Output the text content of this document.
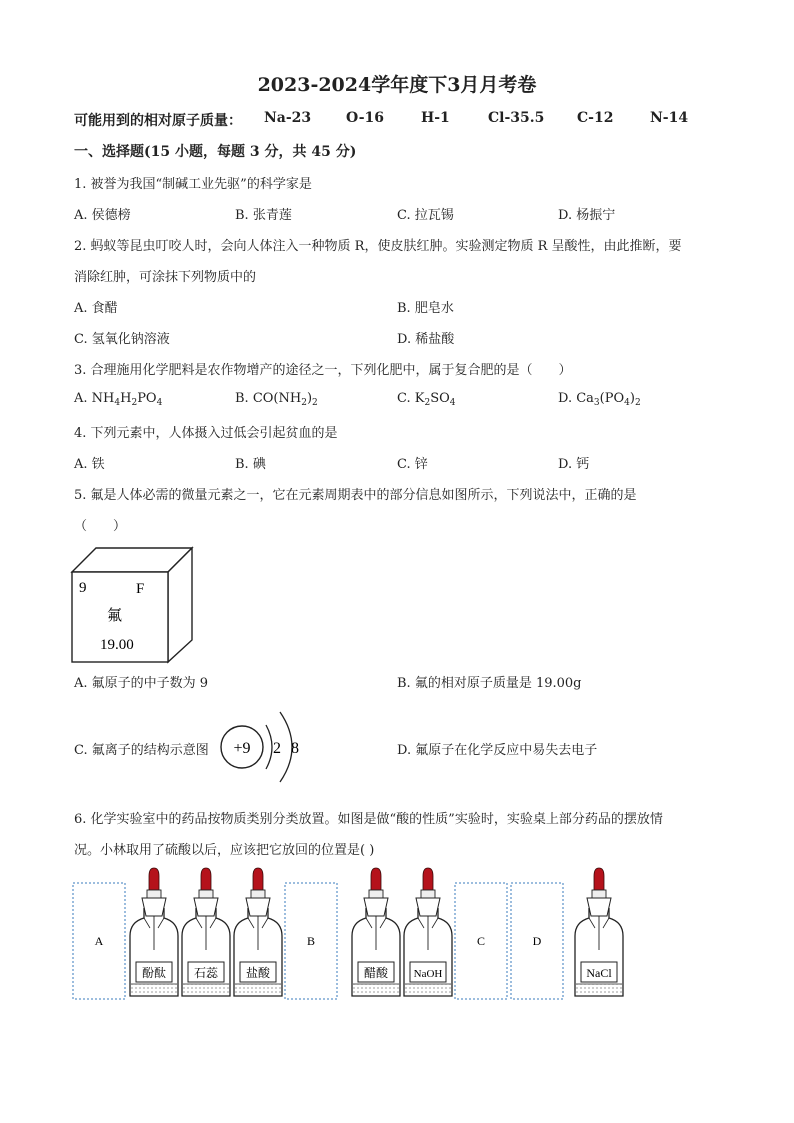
2023-2024学年度下3月月考卷
可能用到的相对原子质量： Na-23 O-16	H-1	Cl-35.5 C-12	N-14
一、选择题(15 小题，每题 3 分，共 45 分)
1. 被誉为我国“制碱工业先驱”的科学家是
A. 侯德榜	B. 张青莲	C. 拉瓦锡	D. 杨振宁
2. 蚂蚁等昆虫叮咬人时，会向人体注入一种物质 R，使皮肤红肿。实验测定物质 R 呈酸性，由此推断，要
消除红肿，可涂抹下列物质中的
A. 食醋	B. 肥皂水
C. 氢氧化钠溶液	D. 稀盐酸
3. 合理施用化学肥料是农作物增产的途径之一，下列化肥中，属于复合肥的是（　　）
A. $NH_4H_2PO_4$	B. $CO(NH_2)_2$	C. $K_2SO_4$	D. $Ca_3(PO_4)_2$
4. 下列元素中，人体摄入过低会引起贫血的是
A. 铁	B. 碘	C. 锌	D. 钙
5. 氟是人体必需的微量元素之一，它在元素周期表中的部分信息如图所示，下列说法中，正确的是
（　　）
9	F
氟
19.00
A. 氟原子的中子数为 9	B. 氟的相对原子质量是 19.00g
C. 氟离子的结构示意图 +9 2 8	D. 氟原子在化学反应中易失去电子
6. 化学实验室中的药品按物质类别分类放置。如图是做“酸的性质”实验时，实验桌上部分药品的摆放情
况。小林取用了硫酸以后，应该把它放回的位置是( )
A	B	C	D
酚酞 石蕊 盐酸	醋酸 NaOH	NaCl
